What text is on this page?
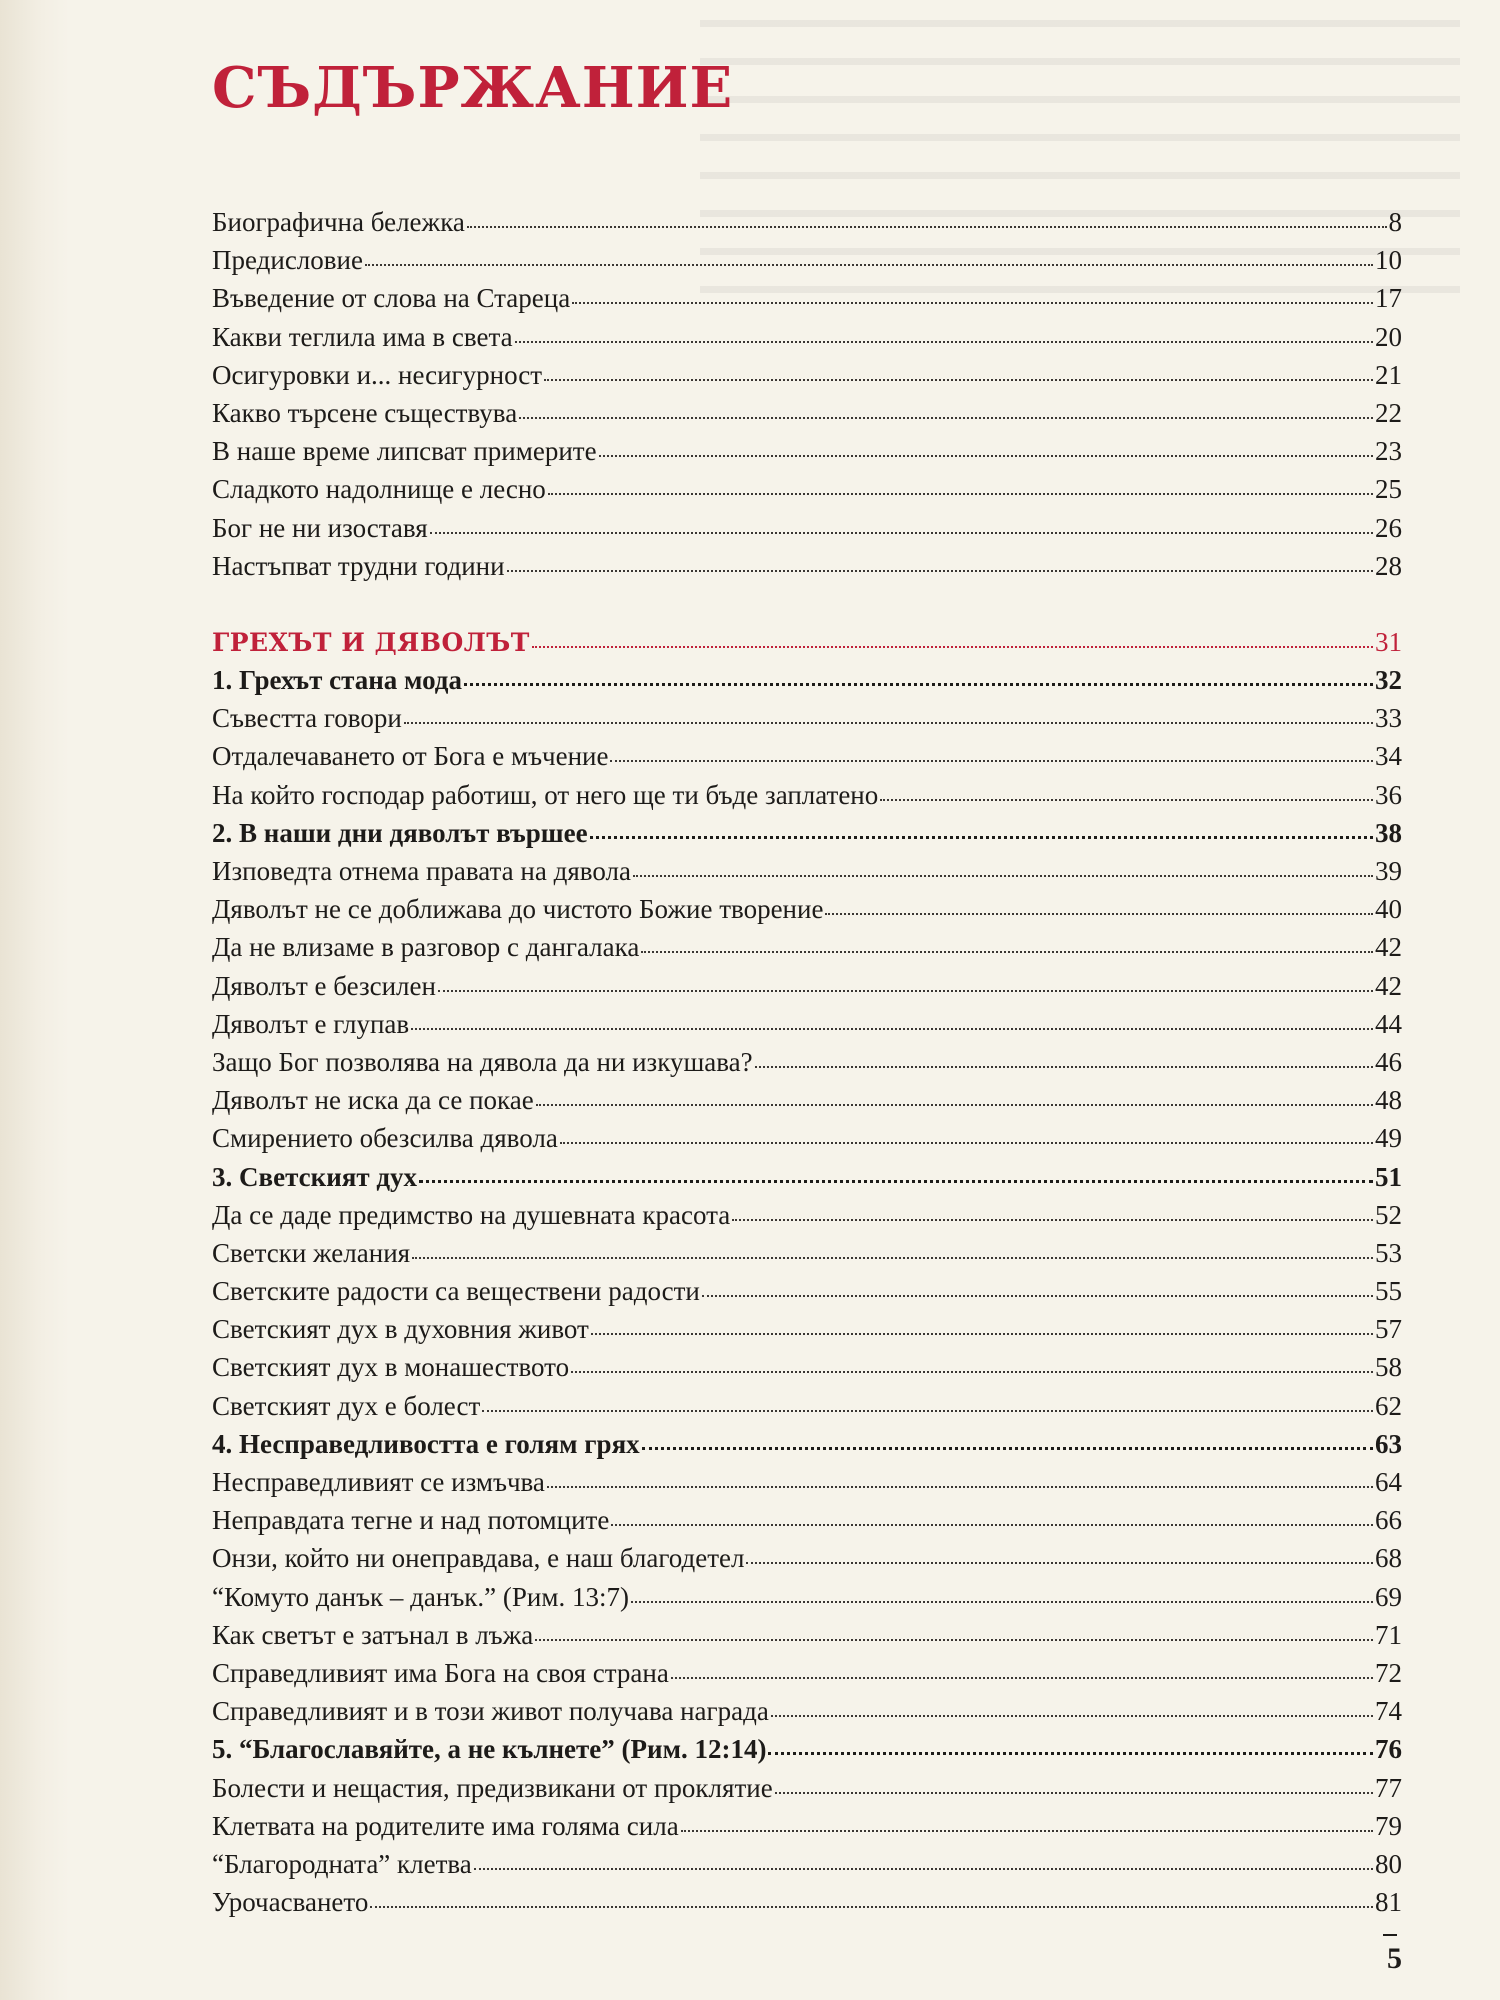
СЪДЪРЖАНИЕ
Биографична бележка	8
Предисловие	10
Въведение от слова на Стареца	17
Какви теглила има в света	20
Осигуровки и... несигурност	21
Какво търсене съществува	22
В наше време липсват примерите	23
Сладкото надолнище е лесно	25
Бог не ни изоставя	26
Настъпват трудни години	28
ГРЕХЪТ И ДЯВОЛЪТ	31
1. Грехът стана мода	32
Съвестта говори	33
Отдалечаването от Бога е мъчение	34
На който господар работиш, от него ще ти бъде заплатено	36
2. В наши дни дяволът вършее	38
Изповедта отнема правата на дявола	39
Дяволът не се доближава до чистото Божие творение	40
Да не влизаме в разговор с дангалака	42
Дяволът е безсилен	42
Дяволът е глупав	44
Защо Бог позволява на дявола да ни изкушава?	46
Дяволът не иска да се покае	48
Смирението обезсилва дявола	49
3. Светският дух	51
Да се даде предимство на душевната красота	52
Светски желания	53
Светските радости са веществени радости	55
Светският дух в духовния живот	57
Светският дух в монашеството	58
Светският дух е болест	62
4. Несправедливостта е голям грях	63
Несправедливият се измъчва	64
Неправдата тегне и над потомците	66
Онзи, който ни онеправдава, е наш благодетел	68
“Комуто данък – данък.” (Рим. 13:7)	69
Как светът е затънал в лъжа	71
Справедливият има Бога на своя страна	72
Справедливият и в този живот получава награда	74
5. “Благославяйте, а не кълнете” (Рим. 12:14)	76
Болести и нещастия, предизвикани от проклятие	77
Клетвата на родителите има голяма сила	79
“Благородната” клетва	80
Урочасването	81
5
